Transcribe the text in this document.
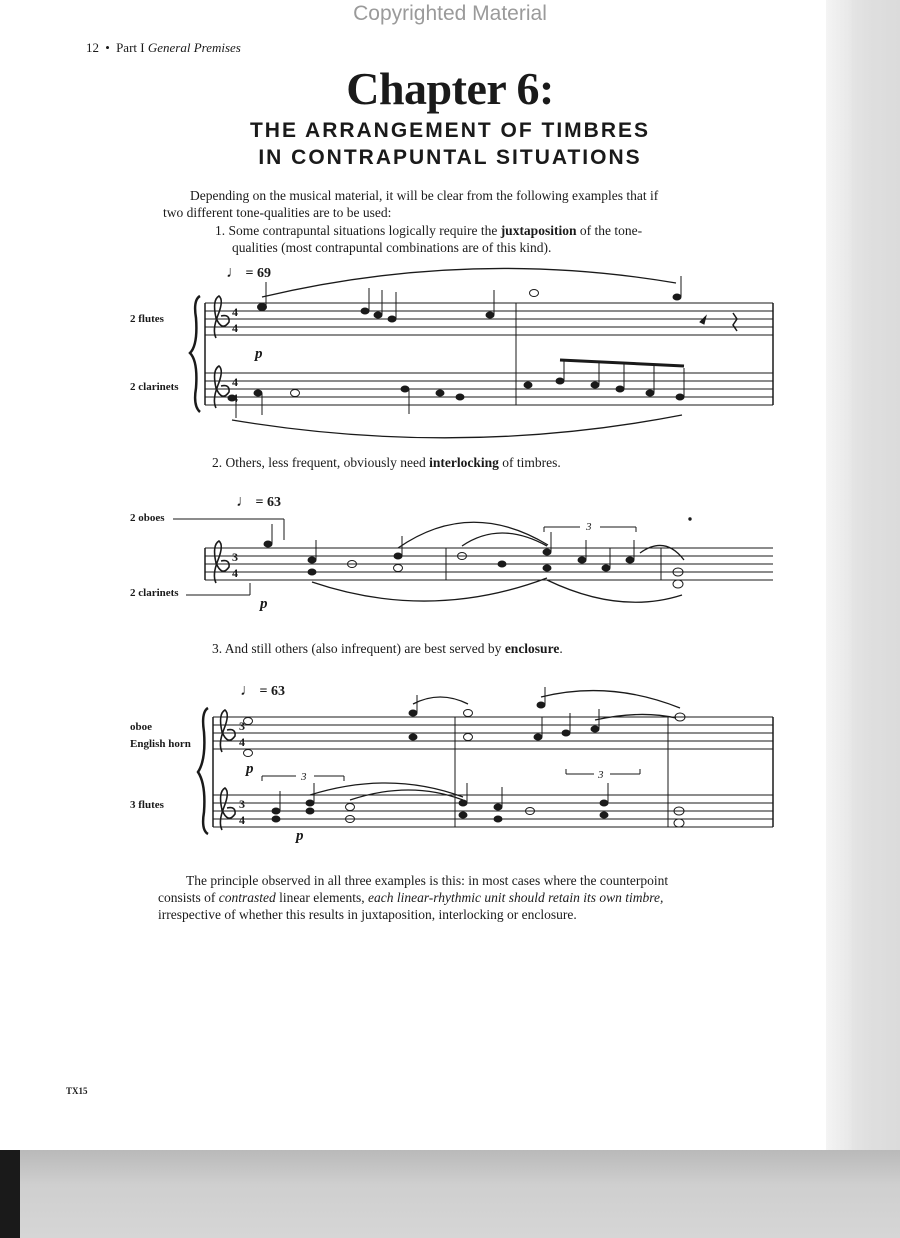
Copyrighted Material
12 • Part I General Premises
Chapter 6:
THE ARRANGEMENT OF TIMBRES
IN CONTRAPUNTAL SITUATIONS
Depending on the musical material, it will be clear from the following examples that if
two different tone-qualities are to be used:
1. Some contrapuntal situations logically require the juxtaposition of the tone-
qualities (most contrapuntal combinations are of this kind).
2. Others, less frequent, obviously need interlocking of timbres.
3. And still others (also infrequent) are best served by enclosure.
♩ = 69
♩ = 63
♩ = 63
2 flutes
2 clarinets
2 oboes
2 clarinets
oboe
English horn
3 flutes
4
4
4
4
p
3
4
p
3
3
4
3
4
p
p
3	3
The principle observed in all three examples is this: in most cases where the counterpoint
consists of contrasted linear elements, each linear-rhythmic unit should retain its own timbre,
irrespective of whether this results in juxtaposition, interlocking or enclosure.
TX15
